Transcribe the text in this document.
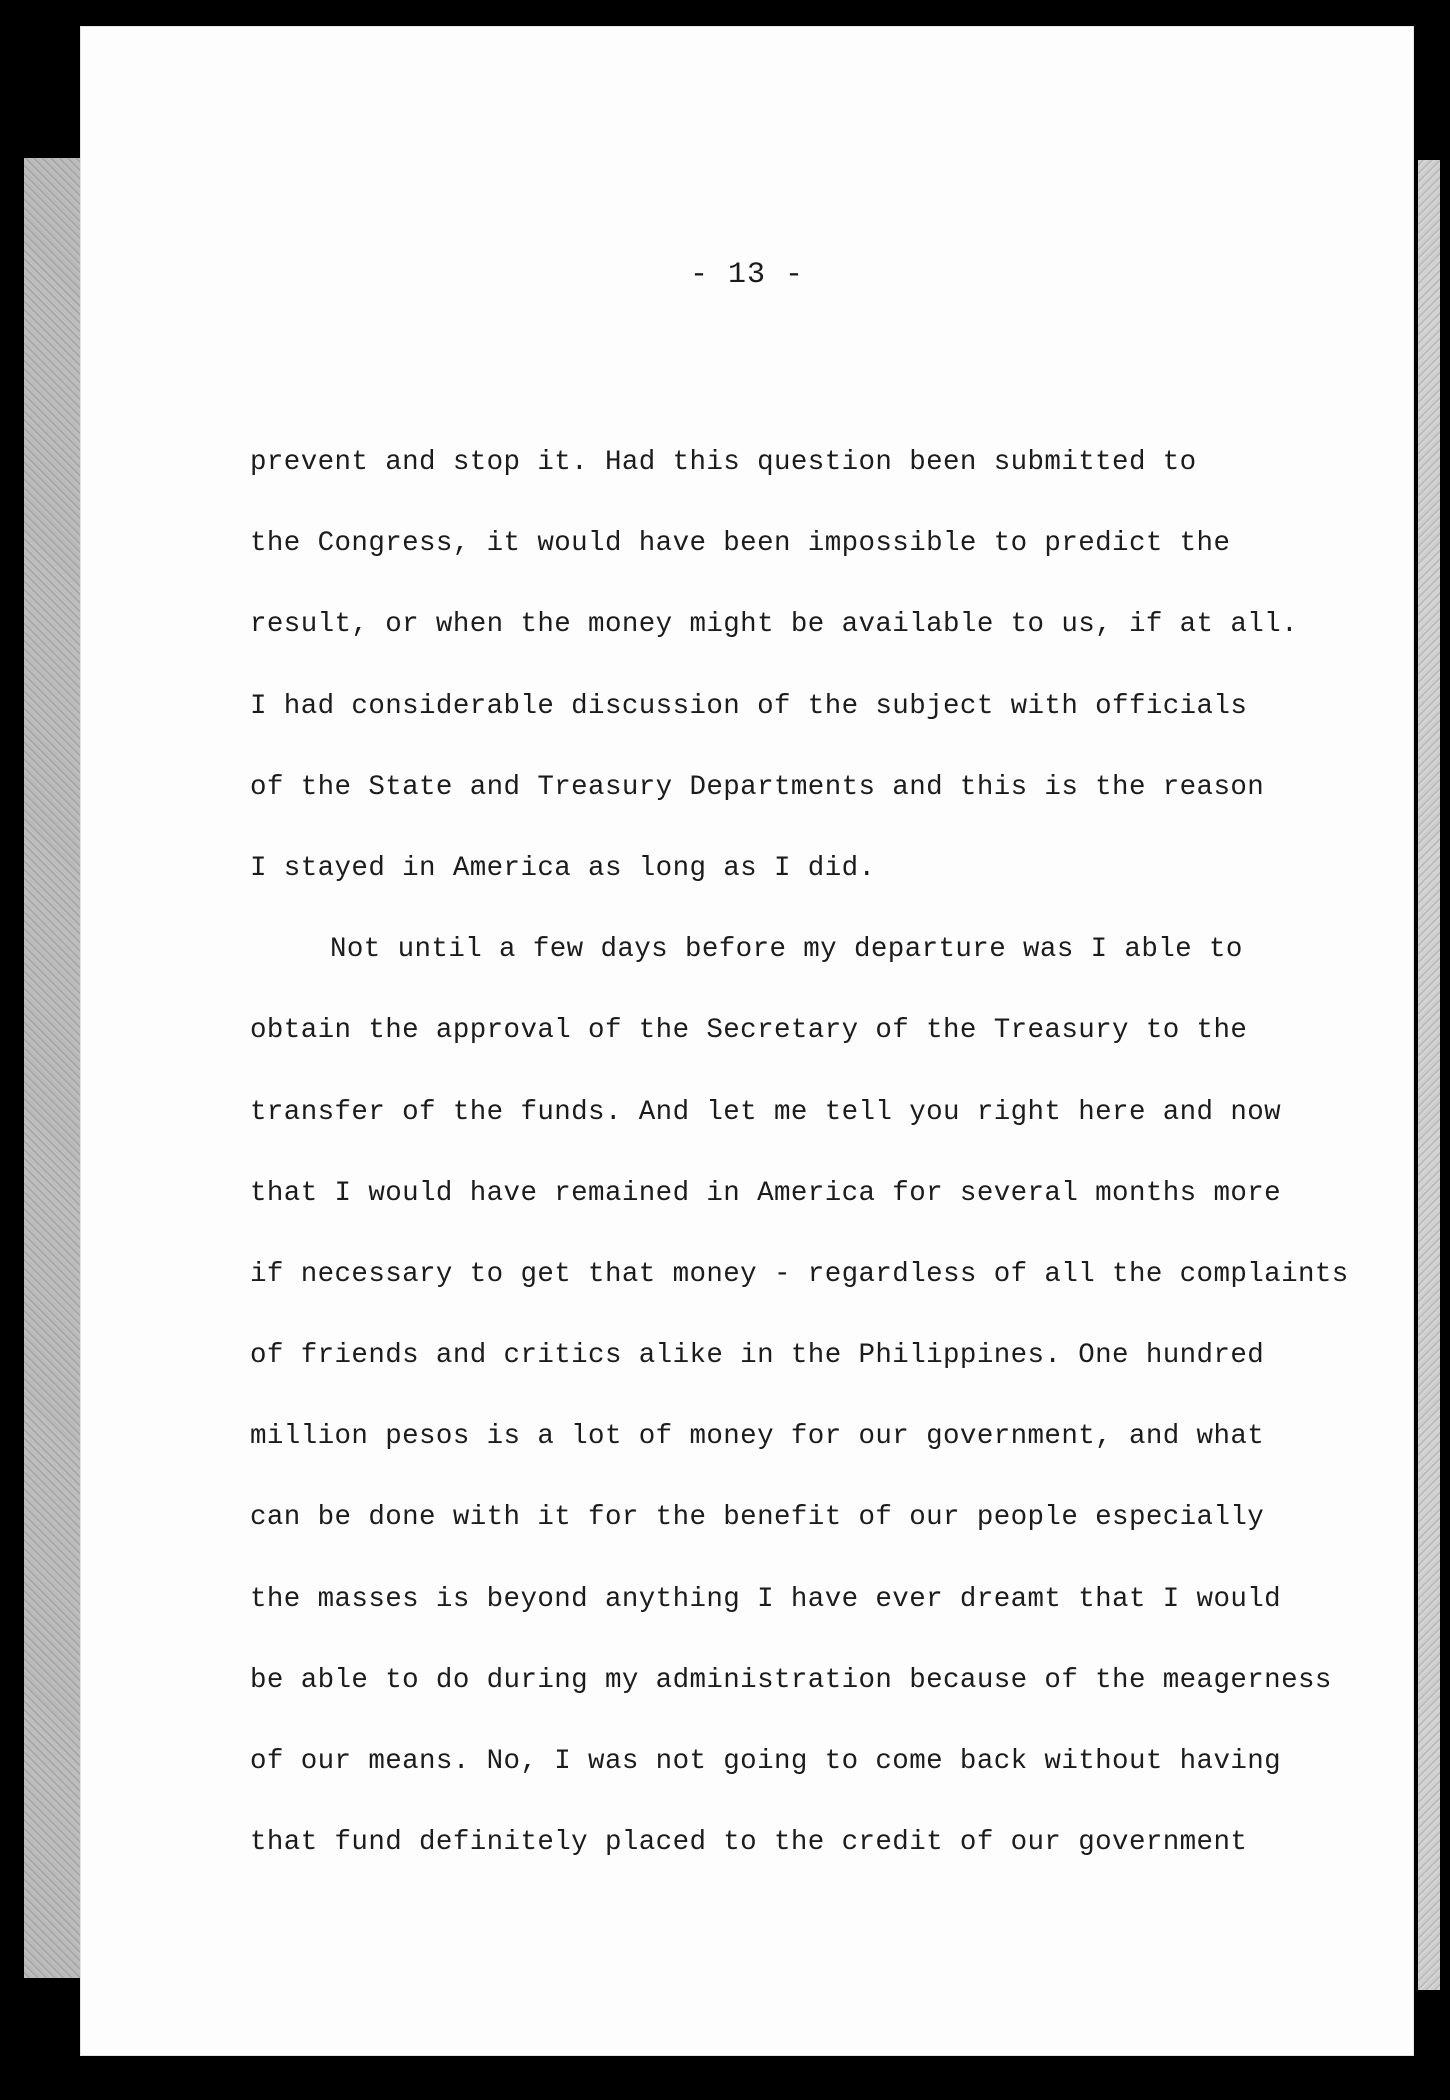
- 13 -
prevent and stop it. Had this question been submitted to
the Congress, it would have been impossible to predict the
result, or when the money might be available to us, if at all.
I had considerable discussion of the subject with officials
of the State and Treasury Departments and this is the reason
I stayed in America as long as I did.
Not until a few days before my departure was I able to
obtain the approval of the Secretary of the Treasury to the
transfer of the funds. And let me tell you right here and now
that I would have remained in America for several months more
if necessary to get that money - regardless of all the complaints
of friends and critics alike in the Philippines. One hundred
million pesos is a lot of money for our government, and what
can be done with it for the benefit of our people especially
the masses is beyond anything I have ever dreamt that I would
be able to do during my administration because of the meagerness
of our means. No, I was not going to come back without having
that fund definitely placed to the credit of our government
